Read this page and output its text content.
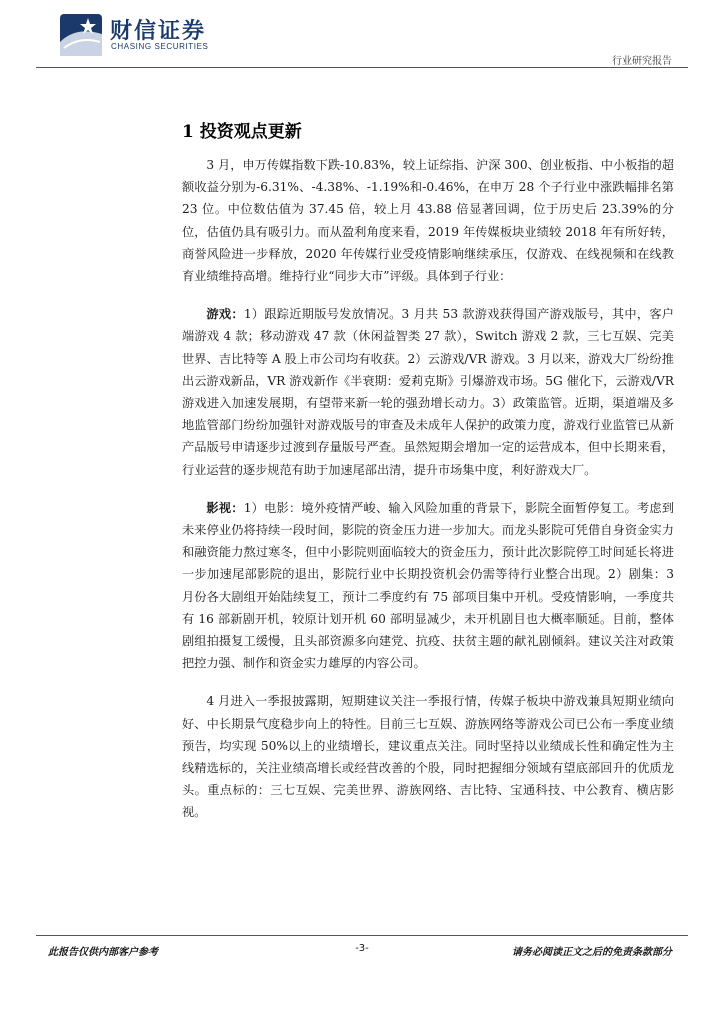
财信证券
CHASING SECURITIES
行业研究报告
1 投资观点更新

3 月，申万传媒指数下跌-10.83%，较上证综指、沪深 300、创业板指、中小板指的超额收益分别为-6.31%、-4.38%、-1.19%和-0.46%，在申万 28 个子行业中涨跌幅排名第 23 位。中位数估值为 37.45 倍，较上月 43.88 倍显著回调，位于历史后 23.39%的分位，估值仍具有吸引力。而从盈利角度来看，2019 年传媒板块业绩较 2018 年有所好转，商誉风险进一步释放，2020 年传媒行业受疫情影响继续承压，仅游戏、在线视频和在线教育业绩维持高增。维持行业“同步大市”评级。具体到子行业：

游戏：1）跟踪近期版号发放情况。3 月共 53 款游戏获得国产游戏版号，其中，客户端游戏 4 款；移动游戏 47 款（休闲益智类 27 款），Switch 游戏 2 款，三七互娱、完美世界、吉比特等 A 股上市公司均有收获。2）云游戏/VR 游戏。3 月以来，游戏大厂纷纷推出云游戏新品，VR 游戏新作《半衰期：爱莉克斯》引爆游戏市场。5G 催化下，云游戏/VR 游戏进入加速发展期，有望带来新一轮的强劲增长动力。3）政策监管。近期，渠道端及多地监管部门纷纷加强针对游戏版号的审查及未成年人保护的政策力度，游戏行业监管已从新产品版号申请逐步过渡到存量版号严查。虽然短期会增加一定的运营成本，但中长期来看，行业运营的逐步规范有助于加速尾部出清，提升市场集中度，利好游戏大厂。

影视：1）电影：境外疫情严峻、输入风险加重的背景下，影院全面暂停复工。考虑到未来停业仍将持续一段时间，影院的资金压力进一步加大。而龙头影院可凭借自身资金实力和融资能力熬过寒冬，但中小影院则面临较大的资金压力，预计此次影院停工时间延长将进一步加速尾部影院的退出，影院行业中长期投资机会仍需等待行业整合出现。2）剧集：3 月份各大剧组开始陆续复工，预计二季度约有 75 部项目集中开机。受疫情影响，一季度共有 16 部新剧开机，较原计划开机 60 部明显减少，未开机剧目也大概率顺延。目前，整体剧组拍摄复工缓慢，且头部资源多向建党、抗疫、扶贫主题的献礼剧倾斜。建议关注对政策把控力强、制作和资金实力雄厚的内容公司。

4 月进入一季报披露期，短期建议关注一季报行情，传媒子板块中游戏兼具短期业绩向好、中长期景气度稳步向上的特性。目前三七互娱、游族网络等游戏公司已公布一季度业绩预告，均实现 50%以上的业绩增长，建议重点关注。同时坚持以业绩成长性和确定性为主线精选标的，关注业绩高增长或经营改善的个股，同时把握细分领域有望底部回升的优质龙头。重点标的：三七互娱、完美世界、游族网络、吉比特、宝通科技、中公教育、横店影视。

此报告仅供内部客户参考	-3-	请务必阅读正文之后的免责条款部分
